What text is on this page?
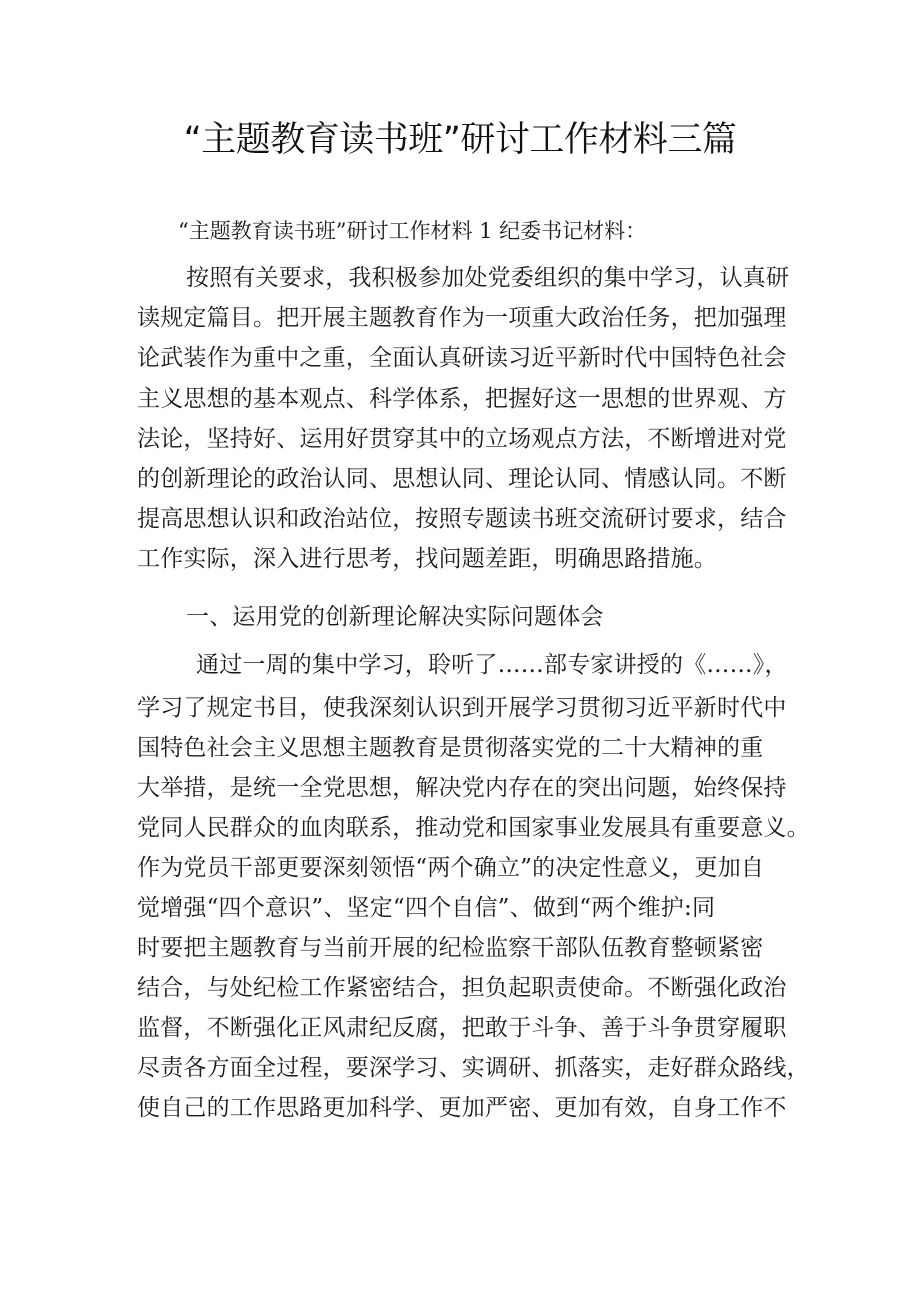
“主题教育读书班”研讨工作材料三篇
“主题教育读书班”研讨工作材料 1 纪委书记材料：
按照有关要求，我积极参加处党委组织的集中学习，认真研
读规定篇目。把开展主题教育作为一项重大政治任务，把加强理
论武装作为重中之重，全面认真研读习近平新时代中国特色社会
主义思想的基本观点、科学体系，把握好这一思想的世界观、方
法论，坚持好、运用好贯穿其中的立场观点方法，不断增进对党
的创新理论的政治认同、思想认同、理论认同、情感认同。不断
提高思想认识和政治站位，按照专题读书班交流研讨要求，结合
工作实际，深入进行思考，找问题差距，明确思路措施。
一、运用党的创新理论解决实际问题体会
通过一周的集中学习，聆听了……部专家讲授的《……》，
学习了规定书目，使我深刻认识到开展学习贯彻习近平新时代中
国特色社会主义思想主题教育是贯彻落实党的二十大精神的重
大举措，是统一全党思想，解决党内存在的突出问题，始终保持
党同人民群众的血肉联系，推动党和国家事业发展具有重要意义。
作为党员干部更要深刻领悟“两个确立”的决定性意义，更加自
觉增强“四个意识”、坚定“四个自信”、做到“两个维护:同
时要把主题教育与当前开展的纪检监察干部队伍教育整顿紧密
结合，与处纪检工作紧密结合，担负起职责使命。不断强化政治
监督，不断强化正风肃纪反腐，把敢于斗争、善于斗争贯穿履职
尽责各方面全过程，要深学习、实调研、抓落实，走好群众路线，
使自己的工作思路更加科学、更加严密、更加有效，自身工作不
